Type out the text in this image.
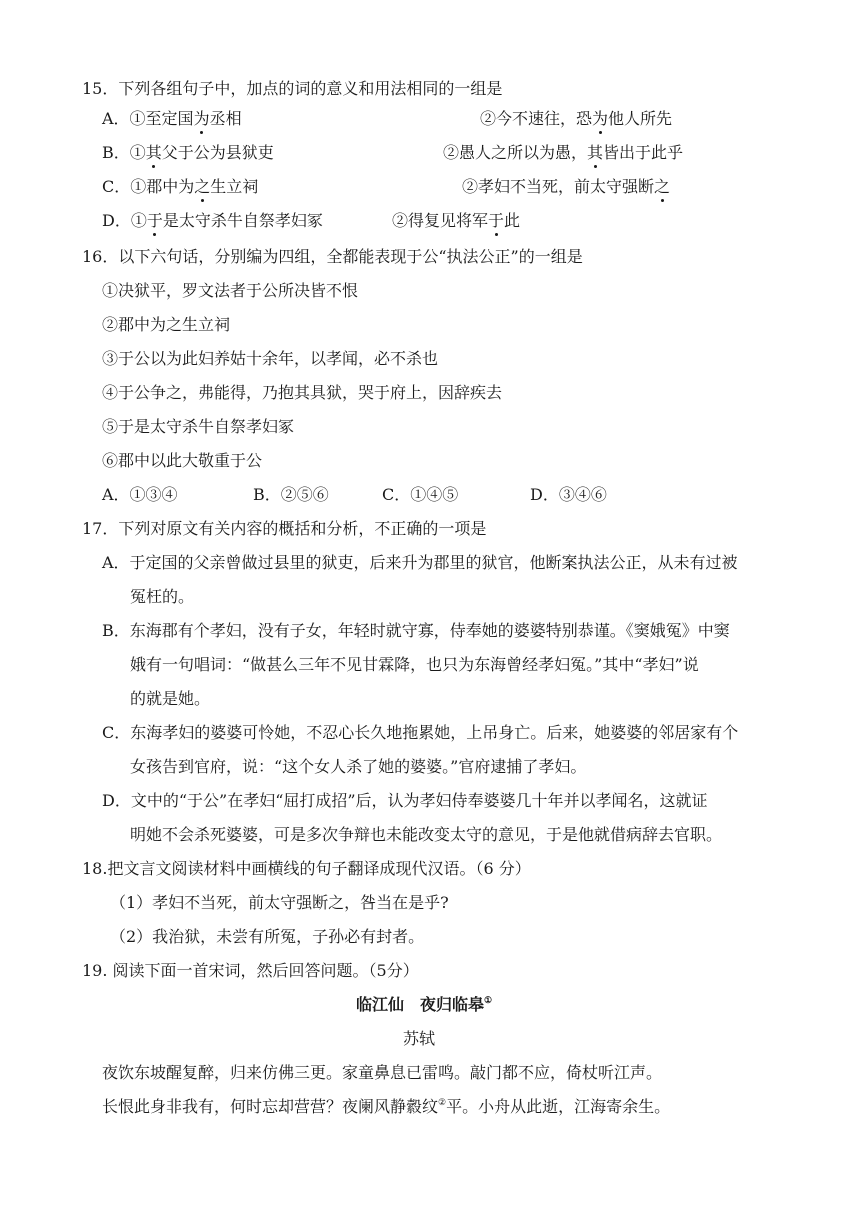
15．下列各组句子中，加点的词的意义和用法相同的一组是
A．①至定国为丞相	②今不速往，恐为他人所先
B．①其父于公为县狱吏	②愚人之所以为愚，其皆出于此乎
C．①郡中为之生立祠	②孝妇不当死，前太守强断之
D．①于是太守杀牛自祭孝妇冢	②得复见将军于此
16．以下六句话，分别编为四组，全都能表现于公“执法公正”的一组是
①决狱平，罗文法者于公所决皆不恨
②郡中为之生立祠
③于公以为此妇养姑十余年，以孝闻，必不杀也
④于公争之，弗能得，乃抱其具狱，哭于府上，因辞疾去
⑤于是太守杀牛自祭孝妇冢
⑥郡中以此大敬重于公
A．①③④	B．②⑤⑥	C．①④⑤	D．③④⑥
17．下列对原文有关内容的概括和分析，不正确的一项是
A．于定国的父亲曾做过县里的狱吏，后来升为郡里的狱官，他断案执法公正，从未有过被
冤枉的。
B．东海郡有个孝妇，没有子女，年轻时就守寡，侍奉她的婆婆特别恭谨。《窦娥冤》中窦
娥有一句唱词：“做甚么三年不见甘霖降，也只为东海曾经孝妇冤。”其中“孝妇”说
的就是她。
C．东海孝妇的婆婆可怜她，不忍心长久地拖累她，上吊身亡。后来，她婆婆的邻居家有个
女孩告到官府，说：“这个女人杀了她的婆婆。”官府逮捕了孝妇。
D．文中的“于公”在孝妇“屈打成招”后，认为孝妇侍奉婆婆几十年并以孝闻名，这就证
明她不会杀死婆婆，可是多次争辩也未能改变太守的意见，于是他就借病辞去官职。
18.把文言文阅读材料中画横线的句子翻译成现代汉语。（6 分）
（1）孝妇不当死，前太守强断之，咎当在是乎?
（2）我治狱，未尝有所冤，子孙必有封者。
19. 阅读下面一首宋词，然后回答问题。（5分）
临江仙　夜归临皋①
苏轼
夜饮东坡醒复醉，归来仿佛三更。家童鼻息已雷鸣。敲门都不应，倚杖听江声。
长恨此身非我有，何时忘却营营？夜阑风静縠纹②平。小舟从此逝，江海寄余生。
